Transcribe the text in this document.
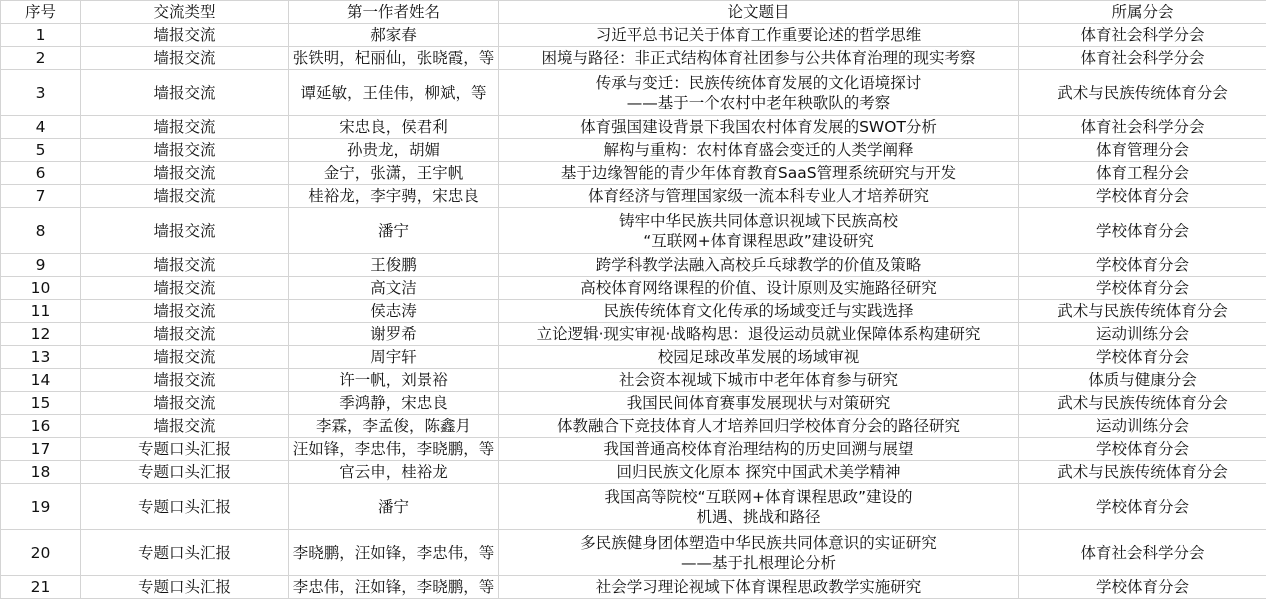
序号	交流类型	第一作者姓名	论文题目	所属分会
1	墙报交流	郝家春	习近平总书记关于体育工作重要论述的哲学思维	体育社会科学分会
2	墙报交流	张铁明，杞丽仙，张晓霞，等	困境与路径：非正式结构体育社团参与公共体育治理的现实考察	体育社会科学分会
3	墙报交流	谭延敏，王佳伟，柳斌，等	传承与变迁：民族传统体育发展的文化语境探讨
——基于一个农村中老年秧歌队的考察	武术与民族传统体育分会
4	墙报交流	宋忠良，侯君利	体育强国建设背景下我国农村体育发展的SWOT分析	体育社会科学分会
5	墙报交流	孙贵龙，胡媚	解构与重构：农村体育盛会变迁的人类学阐释	体育管理分会
6	墙报交流	金宁，张潇，王宇帆	基于边缘智能的青少年体育教育SaaS管理系统研究与开发	体育工程分会
7	墙报交流	桂裕龙，李宇骋，宋忠良	体育经济与管理国家级一流本科专业人才培养研究	学校体育分会
8	墙报交流	潘宁	铸牢中华民族共同体意识视域下民族高校
“互联网+体育课程思政”建设研究	学校体育分会
9	墙报交流	王俊鹏	跨学科教学法融入高校乒乓球教学的价值及策略	学校体育分会
10	墙报交流	高文洁	高校体育网络课程的价值、设计原则及实施路径研究	学校体育分会
11	墙报交流	侯志涛	民族传统体育文化传承的场域变迁与实践选择	武术与民族传统体育分会
12	墙报交流	谢罗希	立论逻辑·现实审视·战略构思：退役运动员就业保障体系构建研究	运动训练分会
13	墙报交流	周宇轩	校园足球改革发展的场域审视	学校体育分会
14	墙报交流	许一帆，刘景裕	社会资本视域下城市中老年体育参与研究	体质与健康分会
15	墙报交流	季鸿静，宋忠良	我国民间体育赛事发展现状与对策研究	武术与民族传统体育分会
16	墙报交流	李霖，李孟俊，陈鑫月	体教融合下竞技体育人才培养回归学校体育分会的路径研究	运动训练分会
17	专题口头汇报	汪如锋，李忠伟，李晓鹏，等	我国普通高校体育治理结构的历史回溯与展望	学校体育分会
18	专题口头汇报	官云申，桂裕龙	回归民族文化原本 探究中国武术美学精神	武术与民族传统体育分会
19	专题口头汇报	潘宁	我国高等院校“互联网+体育课程思政”建设的
机遇、挑战和路径	学校体育分会
20	专题口头汇报	李晓鹏，汪如锋，李忠伟，等	多民族健身团体塑造中华民族共同体意识的实证研究
——基于扎根理论分析	体育社会科学分会
21	专题口头汇报	李忠伟，汪如锋，李晓鹏，等	社会学习理论视域下体育课程思政教学实施研究	学校体育分会
